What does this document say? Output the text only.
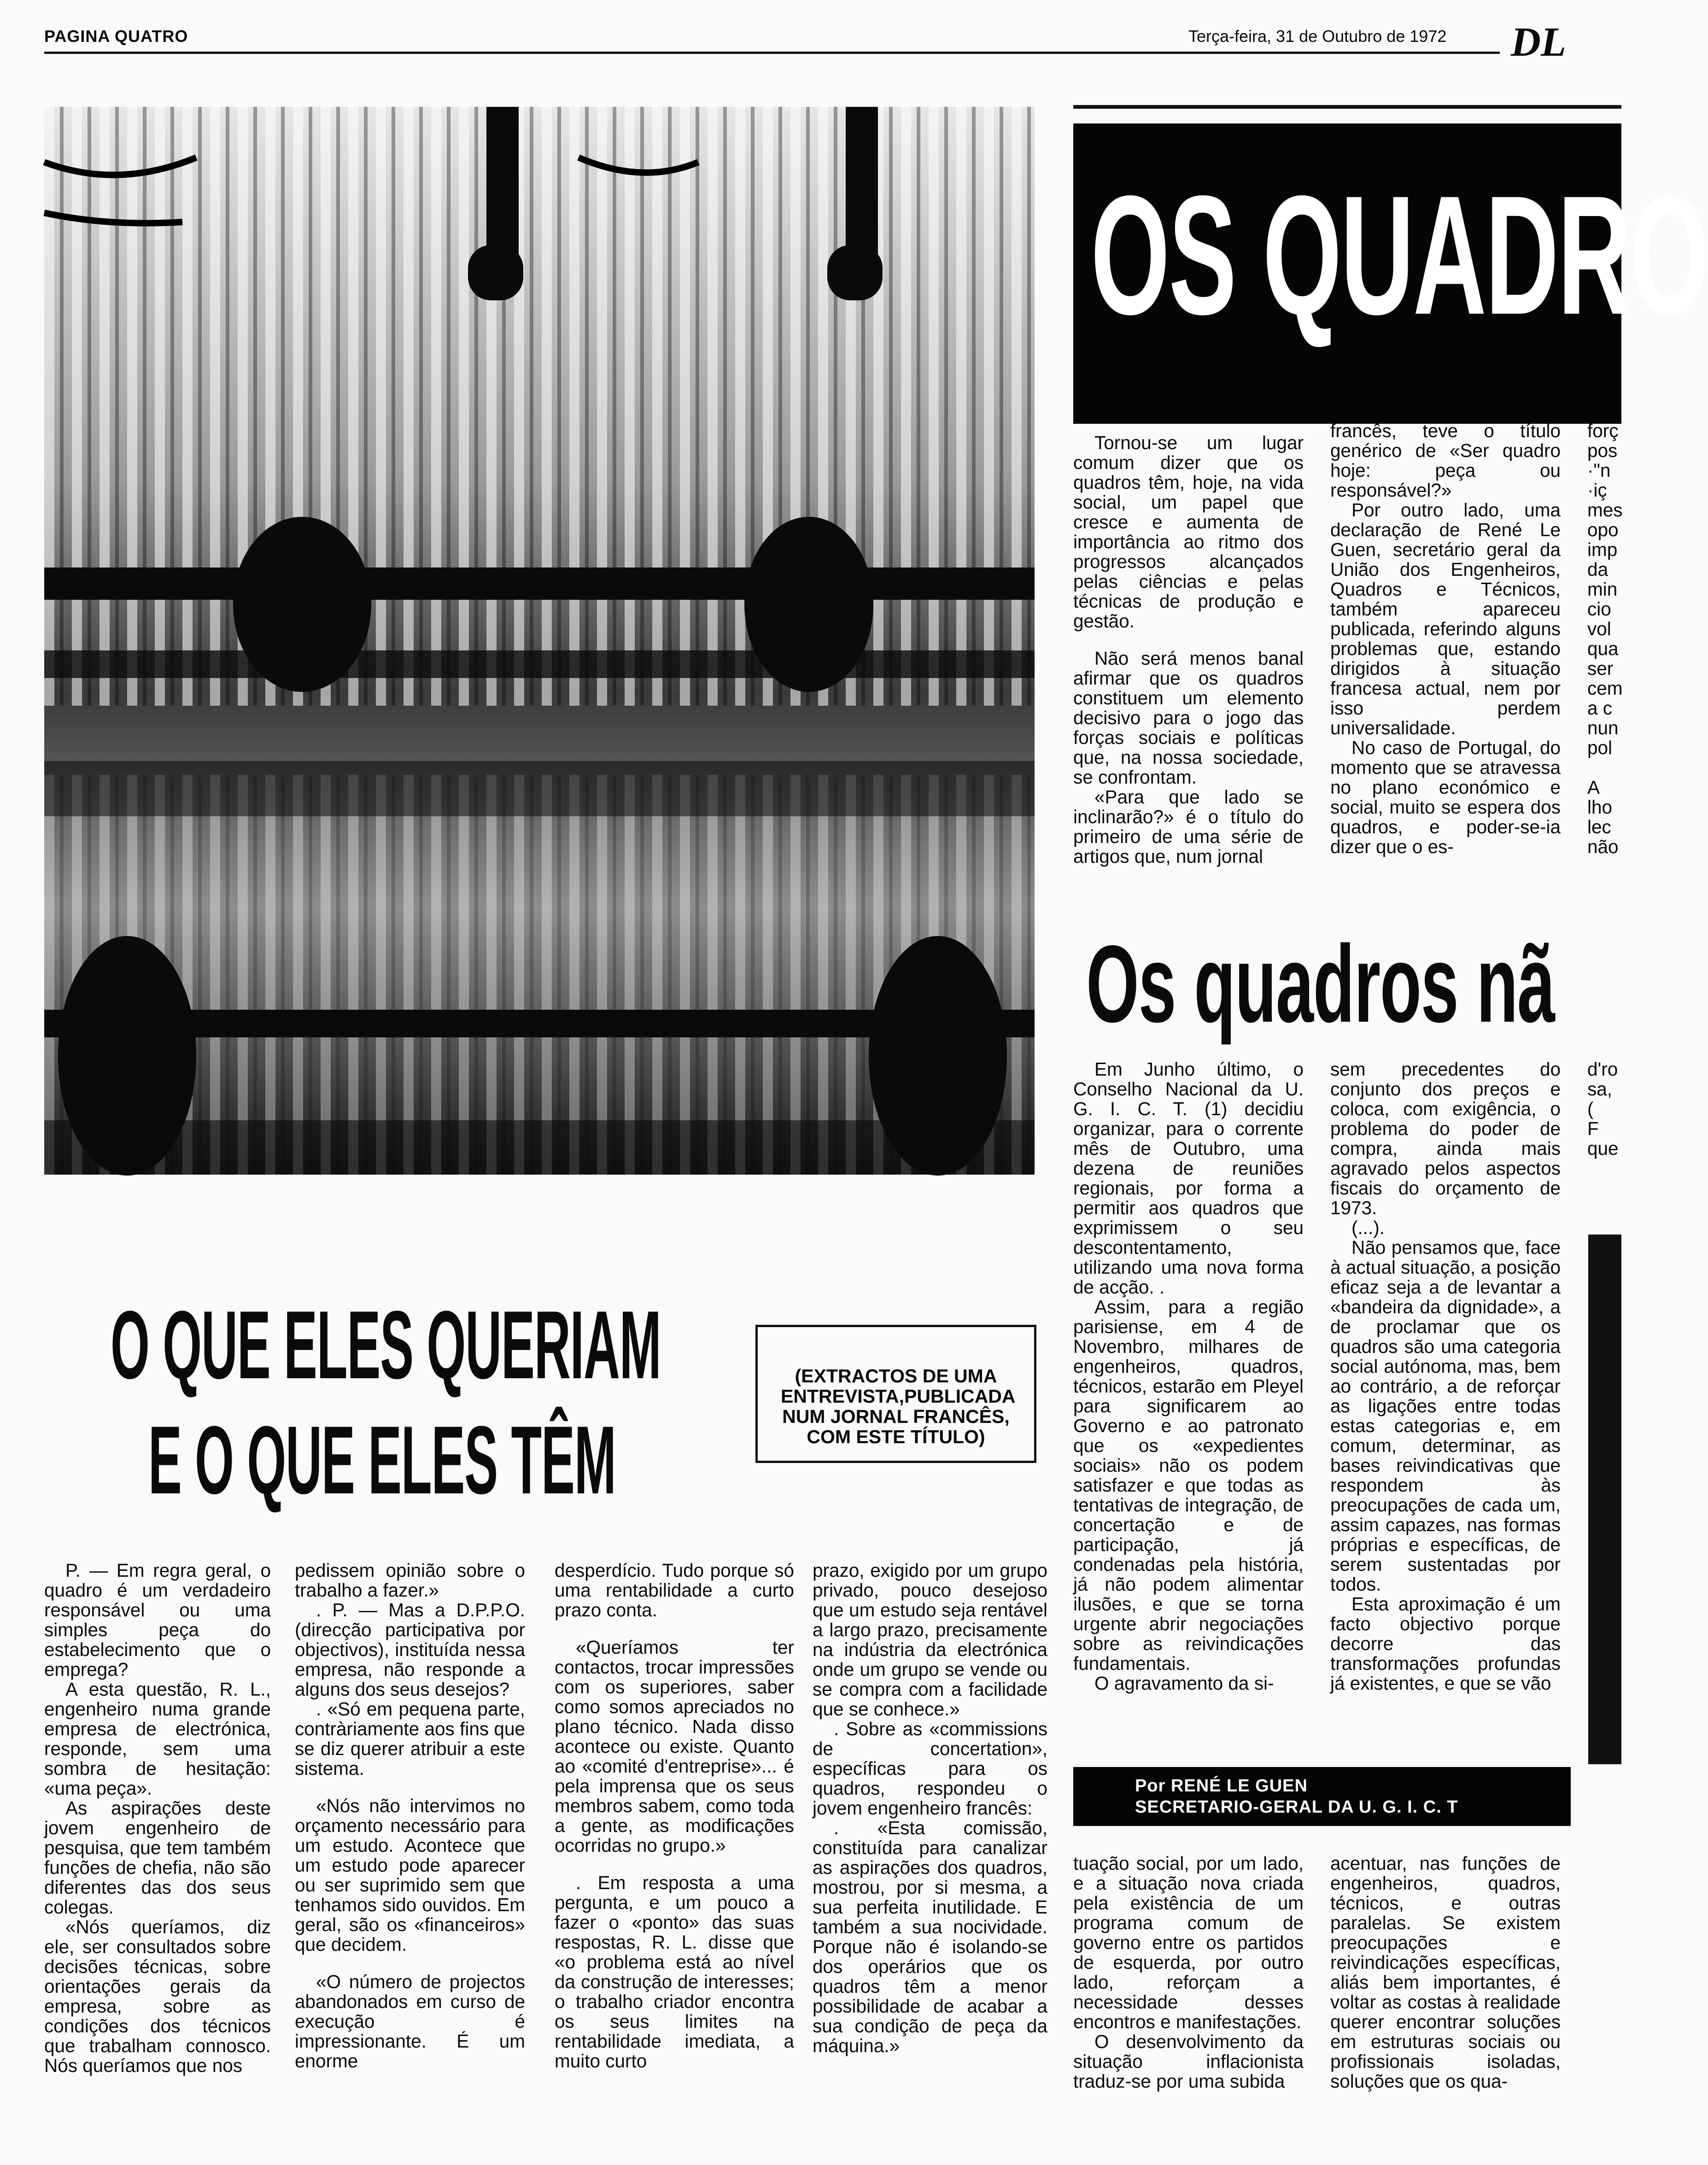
PAGINA QUATRO	Terça-feira, 31 de Outubro de 1972 DL
OS QUADRO

Tornou-se um lugar comum dizer que os quadros têm, hoje, na vida social, um papel que cresce e aumenta de importância ao ritmo dos progressos alcançados pelas ciências e pelas técnicas de produção e gestão.

Não será menos banal afirmar que os quadros constituem um elemento decisivo para o jogo das forças sociais e políticas que, na nossa sociedade, se confrontam.

«Para que lado se inclinarão?» é o título do primeiro de uma série de artigos que, num jornal

francês, teve o título genérico de «Ser quadro hoje: peça ou responsável?»

Por outro lado, uma declaração de René Le Guen, secretário geral da União dos Engenheiros, Quadros e Técnicos, também apareceu publicada, referindo alguns problemas que, estando dirigidos à situação francesa actual, nem por isso perdem universalidade.

No caso de Portugal, do momento que se atravessa no plano económico e social, muito se espera dos quadros, e poder-se-ia dizer que o es-

forç
pos
·"n
·iç
mes
opo
imp
da
min
cio
vol
qua
ser
cem
a c
nun
pol
A
lho
lec
não
Os quadros nã

Em Junho último, o Conselho Nacional da U. G. I. C. T. (1) decidiu organizar, para o corrente mês de Outubro, uma dezena de reuniões regionais, por forma a permitir aos quadros que exprimissem o seu descontentamento, utilizando uma nova forma de acção. .

Assim, para a região parisiense, em 4 de Novembro, milhares de engenheiros, quadros, técnicos, estarão em Pleyel para significarem ao Governo e ao patronato que os «expedientes sociais» não os podem satisfazer e que todas as tentativas de integração, de concertação e de participação, já condenadas pela história, já não podem alimentar ilusões, e que se torna urgente abrir negociações sobre as reivindicações fundamentais.

O agravamento da si-

sem precedentes do conjunto dos preços e coloca, com exigência, o problema do poder de compra, ainda mais agravado pelos aspectos fiscais do orçamento de 1973.

(...).

Não pensamos que, face à actual situação, a posição eficaz seja a de levantar a «bandeira da dignidade», a de proclamar que os quadros são uma categoria social autónoma, mas, bem ao contrário, a de reforçar as ligações entre todas estas categorias e, em comum, determinar, as bases reivindicativas que respondem às preocupações de cada um, assim capazes, nas formas próprias e específicas, de serem sustentadas por todos.

Esta aproximação é um facto objectivo porque decorre das transformações profundas já existentes, e que se vão

d'ro
sa,
(
F
que
Por RENÉ LE GUEN
SECRETARIO-GERAL DA U. G. I. C. T

tuação social, por um lado, e a situação nova criada pela existência de um programa comum de governo entre os partidos de esquerda, por outro lado, reforçam a necessidade desses encontros e manifestações.

O desenvolvimento da situação inflacionista traduz-se por uma subida

acentuar, nas funções de engenheiros, quadros, técnicos, e outras paralelas. Se existem preocupações e reivindicações específicas, aliás bem importantes, é voltar as costas à realidade querer encontrar soluções em estruturas sociais ou profissionais isoladas, soluções que os qua-

O QUE ELES QUERIAM
E O QUE ELES TÊM
(EXTRACTOS DE UMA ENTREVISTA,PUBLICADA NUM JORNAL FRANCÊS, COM ESTE TÍTULO)

P. — Em regra geral, o quadro é um verdadeiro responsável ou uma simples peça do estabelecimento que o emprega?

A esta questão, R. L., engenheiro numa grande empresa de electrónica, responde, sem uma sombra de hesitação: «uma peça».

As aspirações deste jovem engenheiro de pesquisa, que tem também funções de chefia, não são diferentes das dos seus colegas.

«Nós queríamos, diz ele, ser consultados sobre decisões técnicas, sobre orientações gerais da empresa, sobre as condições dos técnicos que trabalham connosco. Nós queríamos que nos

pedissem opinião sobre o trabalho a fazer.»

. P. — Mas a D.P.P.O. (direcção participativa por objectivos), instituída nessa empresa, não responde a alguns dos seus desejos?

. «Só em pequena parte, contràriamente aos fins que se diz querer atribuir a este sistema.

«Nós não intervimos no orçamento necessário para um estudo. Acontece que um estudo pode aparecer ou ser suprimido sem que tenhamos sido ouvidos. Em geral, são os «financeiros» que decidem.

«O número de projectos abandonados em curso de execução é impressionante. É um enorme

desperdício. Tudo porque só uma rentabilidade a curto prazo conta.

«Queríamos ter contactos, trocar impressões com os superiores, saber como somos apreciados no plano técnico. Nada disso acontece ou existe. Quanto ao «comité d'entreprise»... é pela imprensa que os seus membros sabem, como toda a gente, as modificações ocorridas no grupo.»

. Em resposta a uma pergunta, e um pouco a fazer o «ponto» das suas respostas, R. L. disse que «o problema está ao nível da construção de interesses; o trabalho criador encontra os seus limites na rentabilidade imediata, a muito curto

prazo, exigido por um grupo privado, pouco desejoso que um estudo seja rentável a largo prazo, precisamente na indústria da electrónica onde um grupo se vende ou se compra com a facilidade que se conhece.»

. Sobre as «commissions de concertation», específicas para os quadros, respondeu o jovem engenheiro francês:

. «Esta comissão, constituída para canalizar as aspirações dos quadros, mostrou, por si mesma, a sua perfeita inutilidade. E também a sua nocividade. Porque não é isolando-se dos operários que os quadros têm a menor possibilidade de acabar a sua condição de peça da máquina.»
